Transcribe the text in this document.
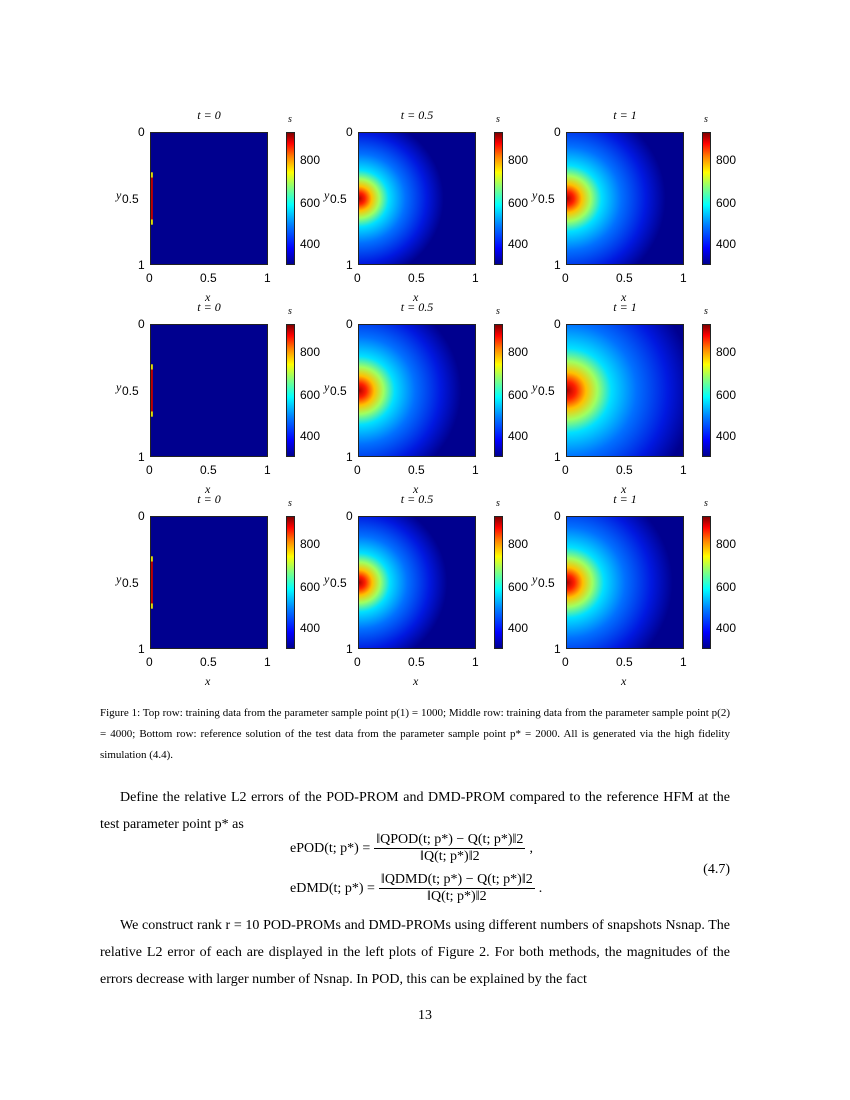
t = 0
0
0.5
1
0	0.5	1
y
x
s
800
600
400
t = 0.5
0
0.5
1
0	0.5	1
y
x
s
800
600
400
t = 1
0
0.5
1
0	0.5	1
y
x
s
800
600
400
t = 0
0
0.5
1
0	0.5	1
y
x
s
800
600
400
t = 0.5
0
0.5
1
0	0.5	1
y
x
s
800
600
400
t = 1
0
0.5
1
0	0.5	1
y
x
s
800
600
400
t = 0
0
0.5
1
0	0.5	1
y
x
s
800
600
400
t = 0.5
0
0.5
1
0	0.5	1
y
x
s
800
600
400
t = 1
0
0.5
1
0	0.5	1
y
x
s
800
600
400
Figure 1: Top row: training data from the parameter sample point p(1) = 1000; Middle row: training data from the parameter sample point p(2) = 4000; Bottom row: reference solution of the test data from the parameter sample point p* = 2000. All is generated via the high fidelity simulation (4.4).

Define the relative L2 errors of the POD-PROM and DMD-PROM compared to the reference HFM at the test parameter point p* as

ePOD(t; $p*) = \frac{\text{‖QPOD(t; p*) − Q(t; p*)‖2}}{‖Q(t; p*)‖2}$ ,
eDMD(t; $p*) = \frac{\text{‖QDMD(t; p*) − Q(t; p*)‖2}}{‖Q(t; p*)‖2}$ .
(4.7)

We construct rank r = 10 POD-PROMs and DMD-PROMs using different numbers of snapshots Nsnap. The relative L2 error of each are displayed in the left plots of Figure 2. For both methods, the magnitudes of the errors decrease with larger number of Nsnap. In POD, this can be explained by the fact

13
